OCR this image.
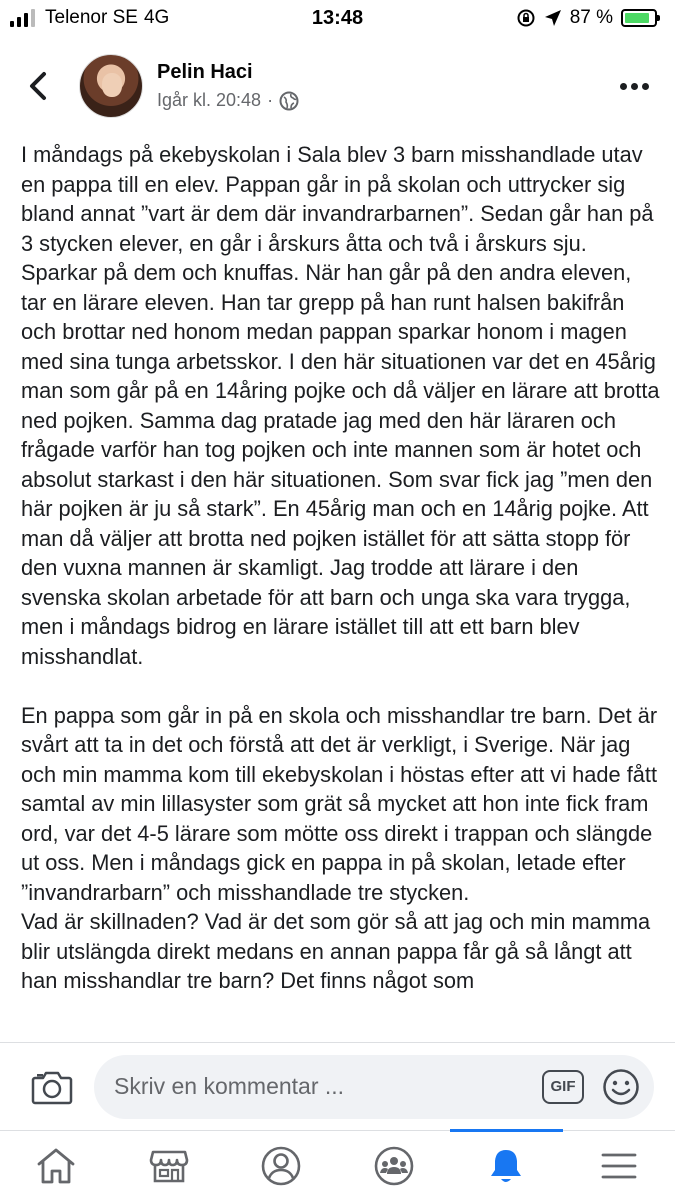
Telenor SE 4G	13:48	87 %
Pelin Haci
Igår kl. 20:48 ·

I måndags på ekebyskolan i Sala blev 3 barn misshandlade utav en pappa till en elev. Pappan går in på skolan och uttrycker sig bland annat ”vart är dem där invandrarbarnen”. Sedan går han på 3 stycken elever, en går i årskurs åtta och två i årskurs sju. Sparkar på dem och knuffas. När han går på den andra eleven, tar en lärare eleven. Han tar grepp på han runt halsen bakifrån och brottar ned honom medan pappan sparkar honom i magen med sina tunga arbetsskor. I den här situationen var det en 45årig man som går på en 14åring pojke och då väljer en lärare att brotta ned pojken. Samma dag pratade jag med den här läraren och frågade varför han tog pojken och inte mannen som är hotet och absolut starkast i den här situationen. Som svar fick jag ”men den här pojken är ju så stark”. En 45årig man och en 14årig pojke. Att man då väljer att brotta ned pojken istället för att sätta stopp för den vuxna mannen är skamligt. Jag trodde att lärare i den svenska skolan arbetade för att barn och unga ska vara trygga, men i måndags bidrog en lärare istället till att ett barn blev misshandlat.

En pappa som går in på en skola och misshandlar tre barn. Det är svårt att ta in det och förstå att det är verkligt, i Sverige. När jag och min mamma kom till ekebyskolan i höstas efter att vi hade fått samtal av min lillasyster som grät så mycket att hon inte fick fram ord, var det 4-5 lärare som mötte oss direkt i trappan och slängde ut oss. Men i måndags gick en pappa in på skolan, letade efter ”invandrarbarn” och misshandlade tre stycken.

Vad är skillnaden? Vad är det som gör så att jag och min mamma blir utslängda direkt medans en annan pappa får gå så långt att han misshandlar tre barn? Det finns något som

Skriv en kommentar ...	GIF
